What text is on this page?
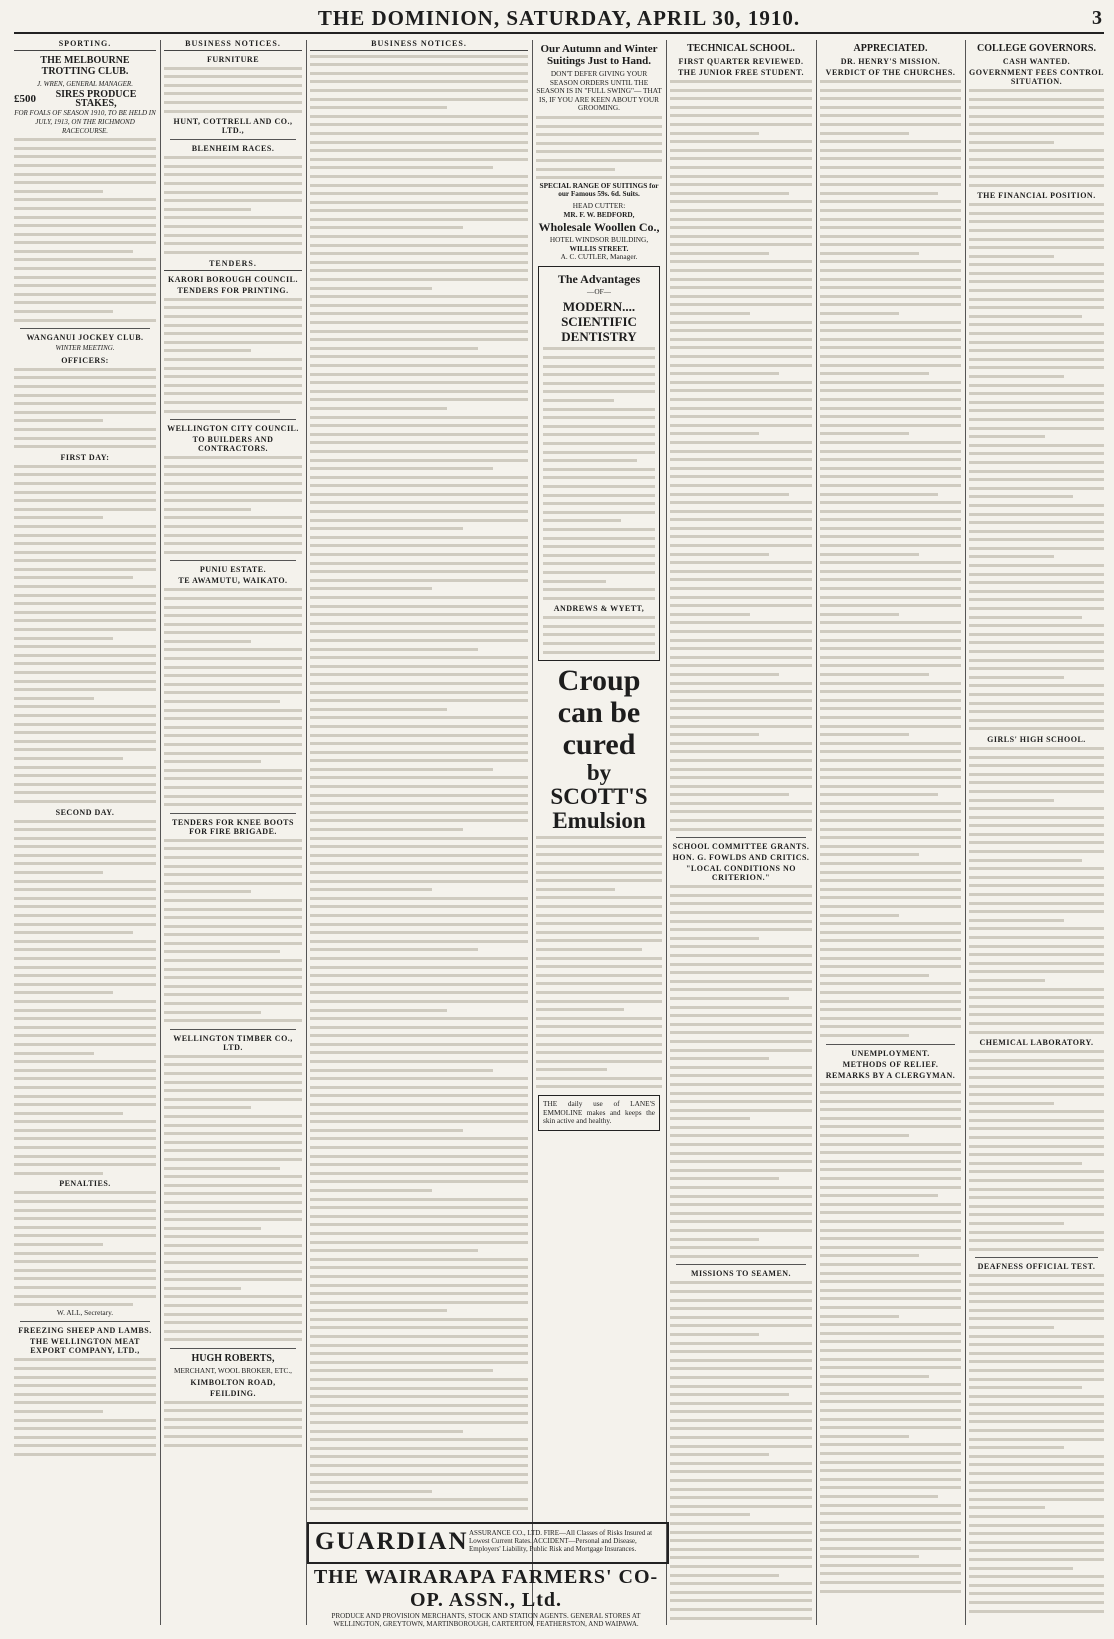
THE DOMINION, SATURDAY, APRIL 30, 1910.	3
SPORTING.
THE MELBOURNE TROTTING CLUB.
J. WREN, GENERAL MANAGER.
£500	SIRES PRODUCE STAKES,
FOR FOALS OF SEASON 1910, TO BE HELD IN JULY, 1913, ON THE RICHMOND RACECOURSE.
WANGANUI JOCKEY CLUB.
WINTER MEETING.
OFFICERS:
FIRST DAY:
SECOND DAY.
PENALTIES.
W. ALL, Secretary.
FREEZING SHEEP AND LAMBS.
THE WELLINGTON MEAT EXPORT COMPANY, LTD.,
BUSINESS NOTICES.
FURNITURE
HUNT, COTTRELL AND CO., LTD.,
BLENHEIM RACES.
TENDERS.
KARORI BOROUGH COUNCIL.
TENDERS FOR PRINTING.
WELLINGTON CITY COUNCIL.
TO BUILDERS AND CONTRACTORS.
PUNIU ESTATE.
TE AWAMUTU, WAIKATO.
TENDERS FOR KNEE BOOTS FOR FIRE BRIGADE.
WELLINGTON TIMBER CO., LTD.
HUGH ROBERTS,
MERCHANT, WOOL BROKER, ETC.,
KIMBOLTON ROAD,
FEILDING.
BUSINESS NOTICES.	Our Autumn and Winter Suitings Just to Hand.
DON'T DEFER GIVING YOUR SEASON ORDERS UNTIL THE SEASON IS IN "FULL SWING"— THAT IS, IF YOU ARE KEEN ABOUT YOUR GROOMING.
SPECIAL RANGE OF SUITINGS for our Famous 59s. 6d. Suits.
HEAD CUTTER:
MR. F. W. BEDFORD,
Wholesale Woollen Co.,
HOTEL WINDSOR BUILDING,
WILLIS STREET.
A. C. CUTLER, Manager.
The Advantages
—OF—
MODERN.... SCIENTIFIC DENTISTRY
ANDREWS & WYETT,
Croup can be cured
by SCOTT'S
Emulsion
THE daily use of LANE'S EMMOLINE makes and keeps the skin active and healthy.
GUARDIAN ASSURANCE CO., LTD. FIRE—All Classes of Risks Insured at Lowest Current Rates. ACCIDENT—Personal and Disease, Employers' Liability, Public Risk and Mortgage Insurances.
THE WAIRARAPA FARMERS' CO-OP. ASSN., Ltd.
PRODUCE AND PROVISION MERCHANTS, STOCK AND STATION AGENTS. GENERAL STORES AT WELLINGTON, GREYTOWN, MARTINBOROUGH, CARTERTON, FEATHERSTON, AND WAIPAWA.
TECHNICAL SCHOOL.
FIRST QUARTER REVIEWED.
THE JUNIOR FREE STUDENT.
SCHOOL COMMITTEE GRANTS.
HON. G. FOWLDS AND CRITICS.
"LOCAL CONDITIONS NO CRITERION."
MISSIONS TO SEAMEN.
APPRECIATED.
DR. HENRY'S MISSION.
VERDICT OF THE CHURCHES.
UNEMPLOYMENT.
METHODS OF RELIEF.
REMARKS BY A CLERGYMAN.
COLLEGE GOVERNORS.
CASH WANTED.
GOVERNMENT FEES CONTROL SITUATION.
THE FINANCIAL POSITION.
GIRLS' HIGH SCHOOL.
CHEMICAL LABORATORY.
DEAFNESS OFFICIAL TEST.
